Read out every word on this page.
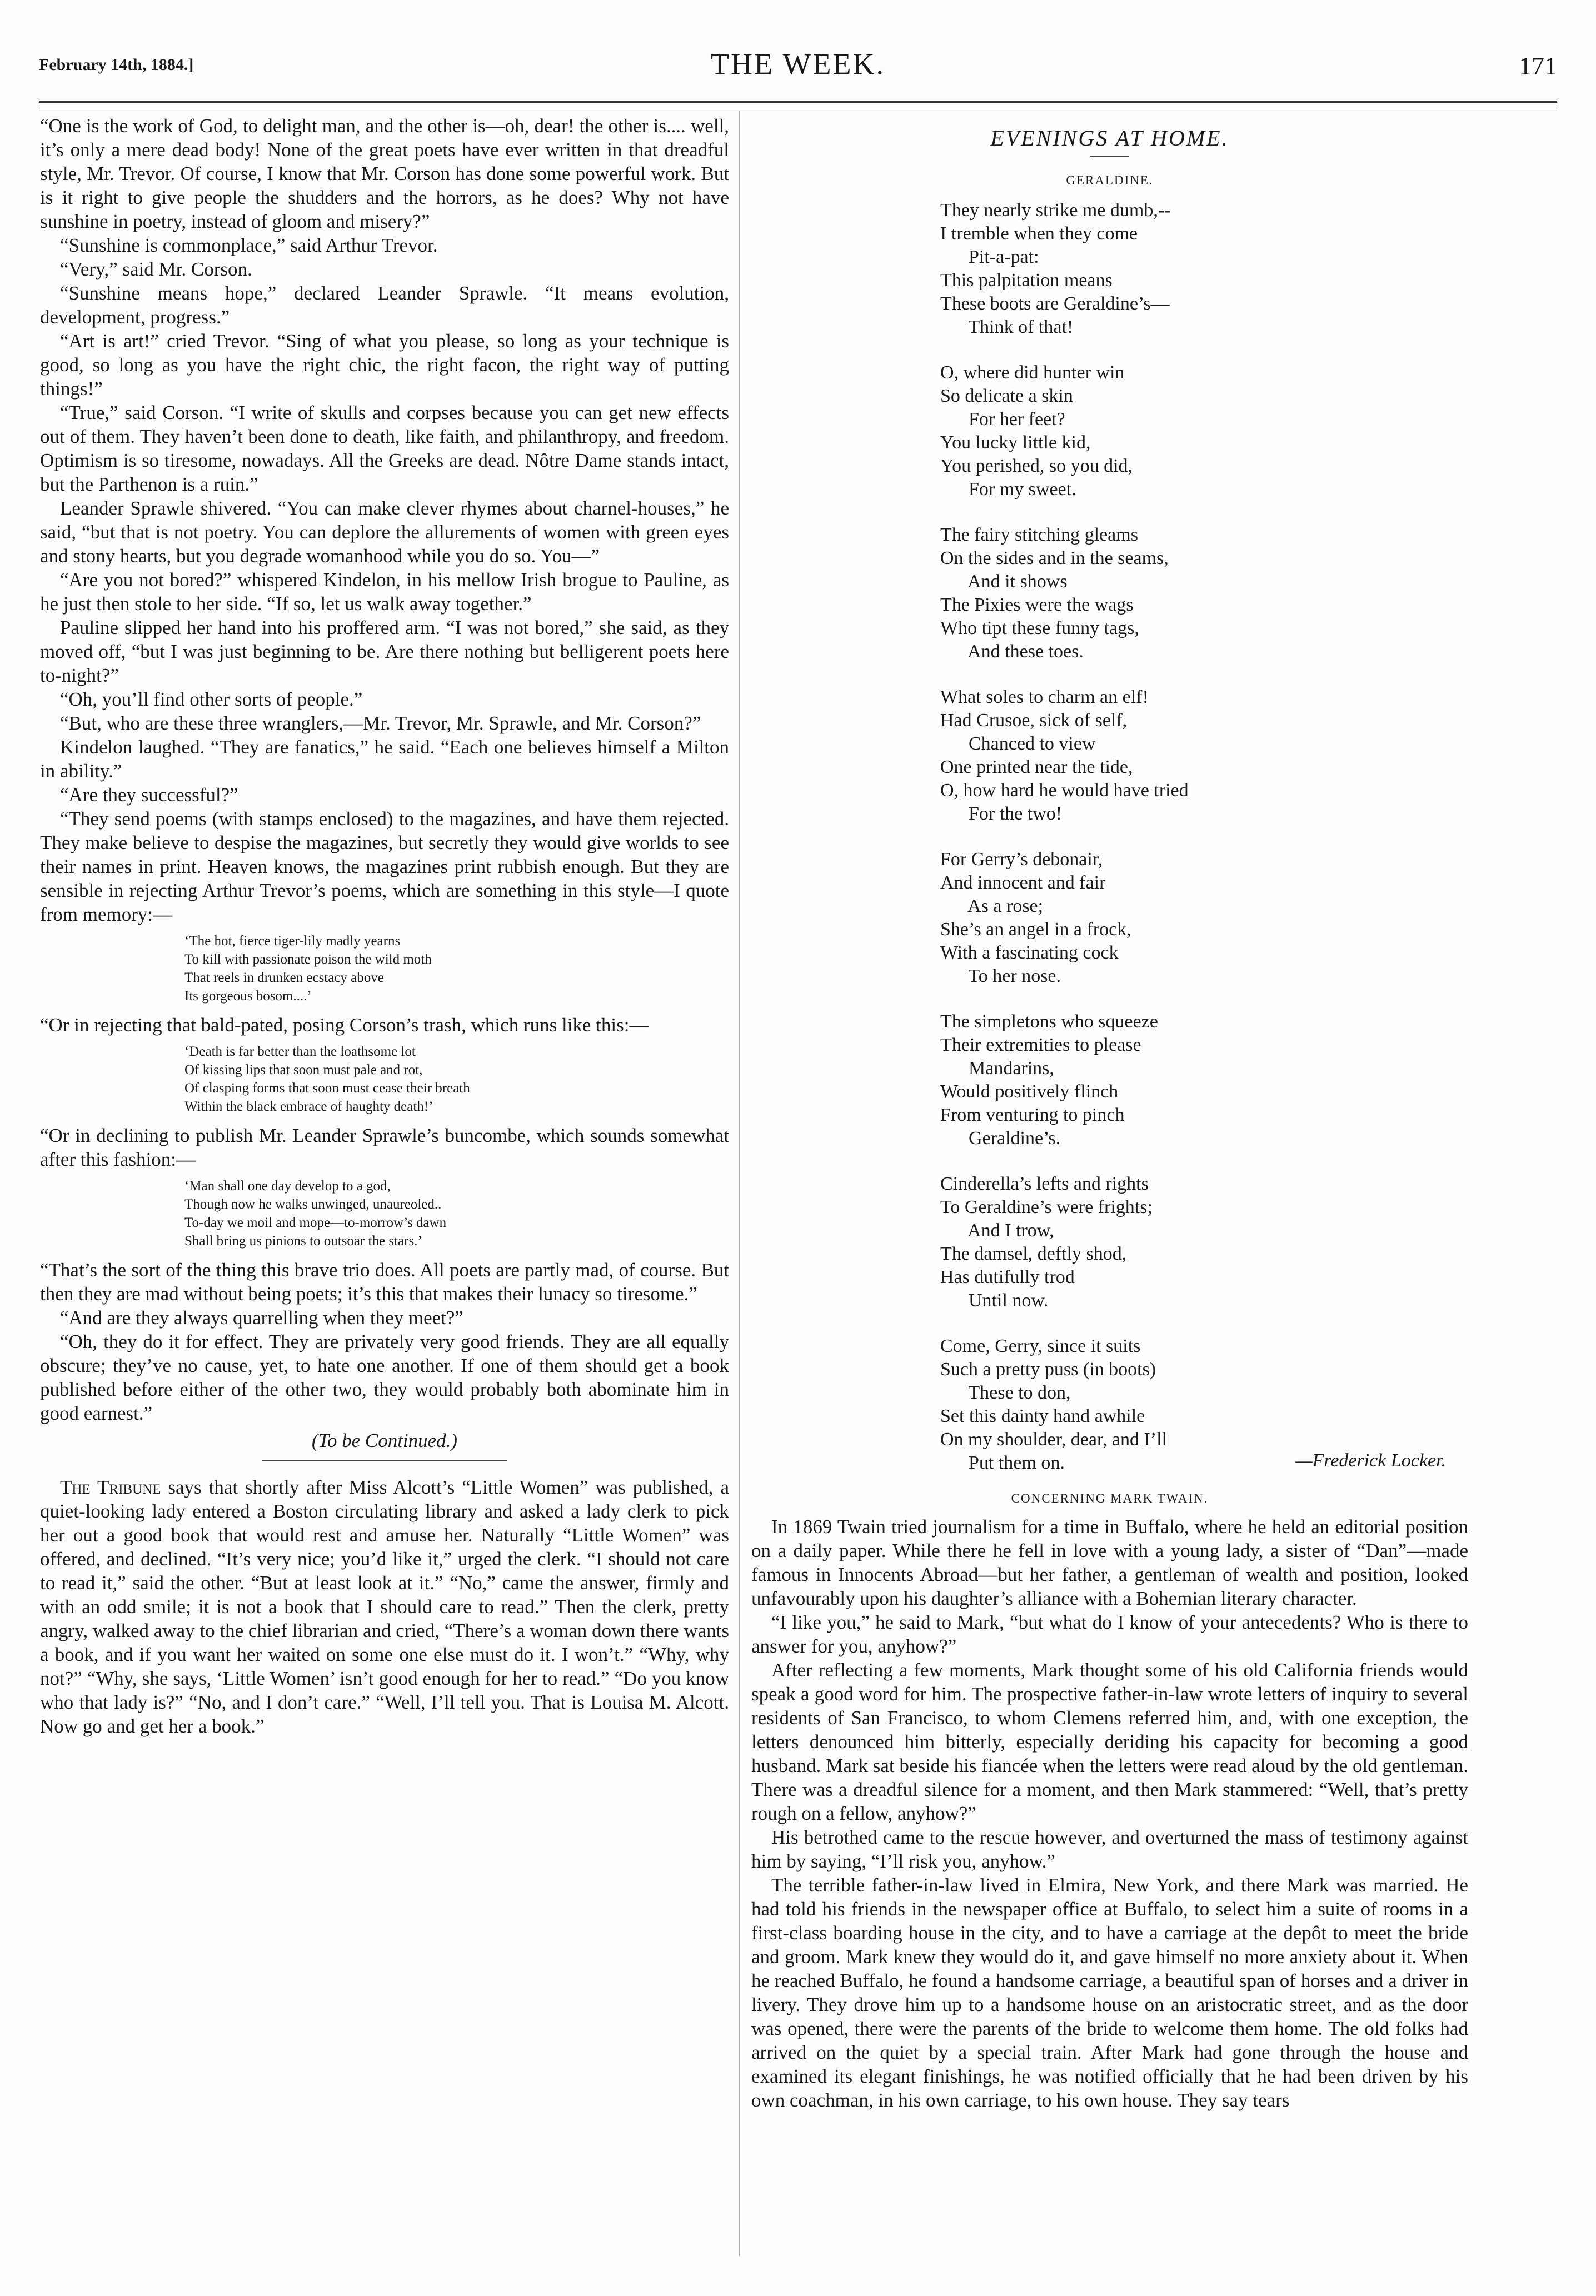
February 14th, 1884.]	THE WEEK.	171

“One is the work of God, to delight man, and the other is—oh, dear! the other is.... well, it’s only a mere dead body! None of the great poets have ever written in that dreadful style, Mr. Trevor. Of course, I know that Mr. Corson has done some powerful work. But is it right to give people the shudders and the horrors, as he does? Why not have sunshine in poetry, instead of gloom and misery?”

“Sunshine is commonplace,” said Arthur Trevor.

“Very,” said Mr. Corson.

“Sunshine means hope,” declared Leander Sprawle. “It means evolution, development, progress.”

“Art is art!” cried Trevor. “Sing of what you please, so long as your technique is good, so long as you have the right chic, the right facon, the right way of putting things!”

“True,” said Corson. “I write of skulls and corpses because you can get new effects out of them. They haven’t been done to death, like faith, and philanthropy, and freedom. Optimism is so tiresome, nowadays. All the Greeks are dead. Nôtre Dame stands intact, but the Parthenon is a ruin.”

Leander Sprawle shivered. “You can make clever rhymes about charnel-houses,” he said, “but that is not poetry. You can deplore the allurements of women with green eyes and stony hearts, but you degrade womanhood while you do so. You—”

“Are you not bored?” whispered Kindelon, in his mellow Irish brogue to Pauline, as he just then stole to her side. “If so, let us walk away together.”

Pauline slipped her hand into his proffered arm. “I was not bored,” she said, as they moved off, “but I was just beginning to be. Are there nothing but belligerent poets here to-night?”

“Oh, you’ll find other sorts of people.”

“But, who are these three wranglers,—Mr. Trevor, Mr. Sprawle, and Mr. Corson?”

Kindelon laughed. “They are fanatics,” he said. “Each one believes himself a Milton in ability.”

“Are they successful?”

“They send poems (with stamps enclosed) to the magazines, and have them rejected. They make believe to despise the magazines, but secretly they would give worlds to see their names in print. Heaven knows, the magazines print rubbish enough. But they are sensible in rejecting Arthur Trevor’s poems, which are something in this style—I quote from memory:—

‘The hot, fierce tiger-lily madly yearns
To kill with passionate poison the wild moth
That reels in drunken ecstacy above
Its gorgeous bosom....’

“Or in rejecting that bald-pated, posing Corson’s trash, which runs like this:—

‘Death is far better than the loathsome lot
Of kissing lips that soon must pale and rot,
Of clasping forms that soon must cease their breath
Within the black embrace of haughty death!’

“Or in declining to publish Mr. Leander Sprawle’s buncombe, which sounds somewhat after this fashion:—

‘Man shall one day develop to a god,
Though now he walks unwinged, unaureoled..
To-day we moil and mope—to-morrow’s dawn
Shall bring us pinions to outsoar the stars.’

“That’s the sort of the thing this brave trio does. All poets are partly mad, of course. But then they are mad without being poets; it’s this that makes their lunacy so tiresome.”

“And are they always quarrelling when they meet?”

“Oh, they do it for effect. They are privately very good friends. They are all equally obscure; they’ve no cause, yet, to hate one another. If one of them should get a book published before either of the other two, they would probably both abominate him in good earnest.”

(To be Continued.)

The Tribune says that shortly after Miss Alcott’s “Little Women” was published, a quiet-looking lady entered a Boston circulating library and asked a lady clerk to pick her out a good book that would rest and amuse her. Naturally “Little Women” was offered, and declined. “It’s very nice; you’d like it,” urged the clerk. “I should not care to read it,” said the other. “But at least look at it.” “No,” came the answer, firmly and with an odd smile; it is not a book that I should care to read.” Then the clerk, pretty angry, walked away to the chief librarian and cried, “There’s a woman down there wants a book, and if you want her waited on some one else must do it. I won’t.” “Why, why not?” “Why, she says, ‘Little Women’ isn’t good enough for her to read.” “Do you know who that lady is?” “No, and I don’t care.” “Well, I’ll tell you. That is Louisa M. Alcott. Now go and get her a book.”

EVENINGS AT HOME.
GERALDINE.
They nearly strike me dumb,--
I tremble when they come
Pit-a-pat:
This palpitation means
These boots are Geraldine’s—
Think of that!
O, where did hunter win
So delicate a skin
For her feet?
You lucky little kid,
You perished, so you did,
For my sweet.
The fairy stitching gleams
On the sides and in the seams,
And it shows
The Pixies were the wags
Who tipt these funny tags,
And these toes.
What soles to charm an elf!
Had Crusoe, sick of self,
Chanced to view
One printed near the tide,
O, how hard he would have tried
For the two!
For Gerry’s debonair,
And innocent and fair
As a rose;
She’s an angel in a frock,
With a fascinating cock
To her nose.
The simpletons who squeeze
Their extremities to please
Mandarins,
Would positively flinch
From venturing to pinch
Geraldine’s.
Cinderella’s lefts and rights
To Geraldine’s were frights;
And I trow,
The damsel, deftly shod,
Has dutifully trod
Until now.
Come, Gerry, since it suits
Such a pretty puss (in boots)
These to don,
Set this dainty hand awhile
On my shoulder, dear, and I’ll
Put them on.	—Frederick Locker.
CONCERNING MARK TWAIN.

In 1869 Twain tried journalism for a time in Buffalo, where he held an editorial position on a daily paper. While there he fell in love with a young lady, a sister of “Dan”—made famous in Innocents Abroad—but her father, a gentleman of wealth and position, looked unfavourably upon his daughter’s alliance with a Bohemian literary character.

“I like you,” he said to Mark, “but what do I know of your antecedents? Who is there to answer for you, anyhow?”

After reflecting a few moments, Mark thought some of his old California friends would speak a good word for him. The prospective father-in-law wrote letters of inquiry to several residents of San Francisco, to whom Clemens referred him, and, with one exception, the letters denounced him bitterly, especially deriding his capacity for becoming a good husband. Mark sat beside his fiancée when the letters were read aloud by the old gentleman. There was a dreadful silence for a moment, and then Mark stammered: “Well, that’s pretty rough on a fellow, anyhow?”

His betrothed came to the rescue however, and overturned the mass of testimony against him by saying, “I’ll risk you, anyhow.”

The terrible father-in-law lived in Elmira, New York, and there Mark was married. He had told his friends in the newspaper office at Buffalo, to select him a suite of rooms in a first-class boarding house in the city, and to have a carriage at the depôt to meet the bride and groom. Mark knew they would do it, and gave himself no more anxiety about it. When he reached Buffalo, he found a handsome carriage, a beautiful span of horses and a driver in livery. They drove him up to a handsome house on an aristocratic street, and as the door was opened, there were the parents of the bride to welcome them home. The old folks had arrived on the quiet by a special train. After Mark had gone through the house and examined its elegant finishings, he was notified officially that he had been driven by his own coachman, in his own carriage, to his own house. They say tears
